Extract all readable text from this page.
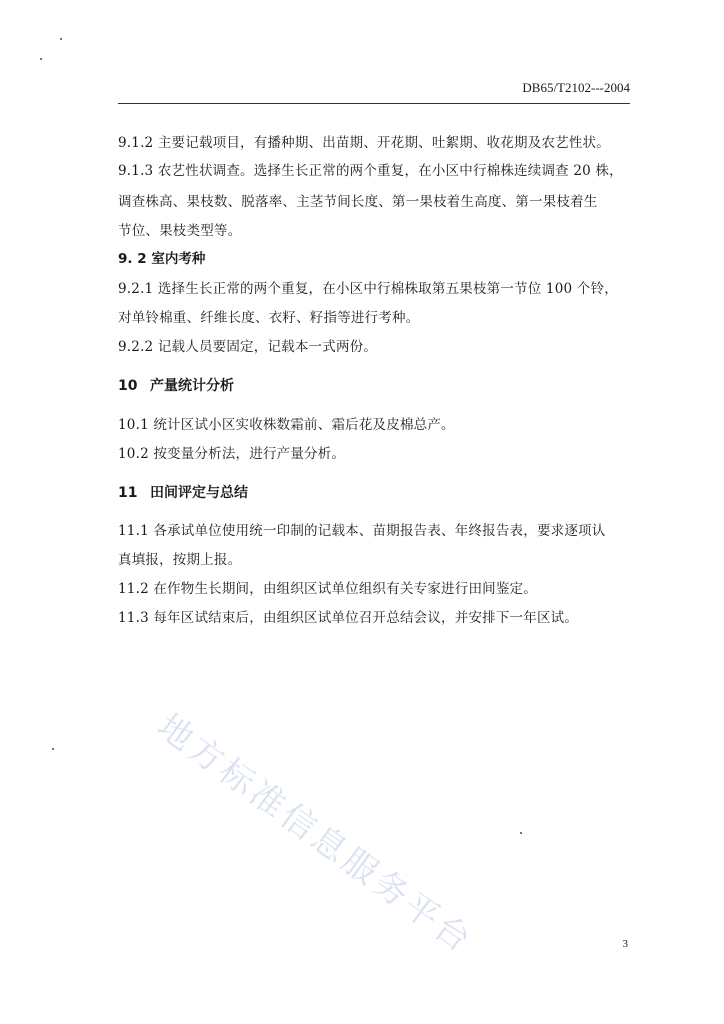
DB65/T2102---2004
9.1.2 主要记载项目，有播种期、出苗期、开花期、吐絮期、收花期及农艺性状。
9.1.3 农艺性状调查。选择生长正常的两个重复，在小区中行棉株连续调查 20 株，
调查株高、果枝数、脱落率、主茎节间长度、第一果枝着生高度、第一果枝着生
节位、果枝类型等。
9. 2 室内考种
9.2.1 选择生长正常的两个重复，在小区中行棉株取第五果枝第一节位 100 个铃，
对单铃棉重、纤维长度、衣籽、籽指等进行考种。
9.2.2 记载人员要固定，记载本一式两份。
10 产量统计分析
10.1 统计区试小区实收株数霜前、霜后花及皮棉总产。
10.2 按变量分析法，进行产量分析。
11 田间评定与总结
11.1 各承试单位使用统一印制的记载本、苗期报告表、年终报告表，要求逐项认
真填报，按期上报。
11.2 在作物生长期间，由组织区试单位组织有关专家进行田间鉴定。
11.3 每年区试结束后，由组织区试单位召开总结会议，并安排下一年区试。
地方标准信息服务平台	3
